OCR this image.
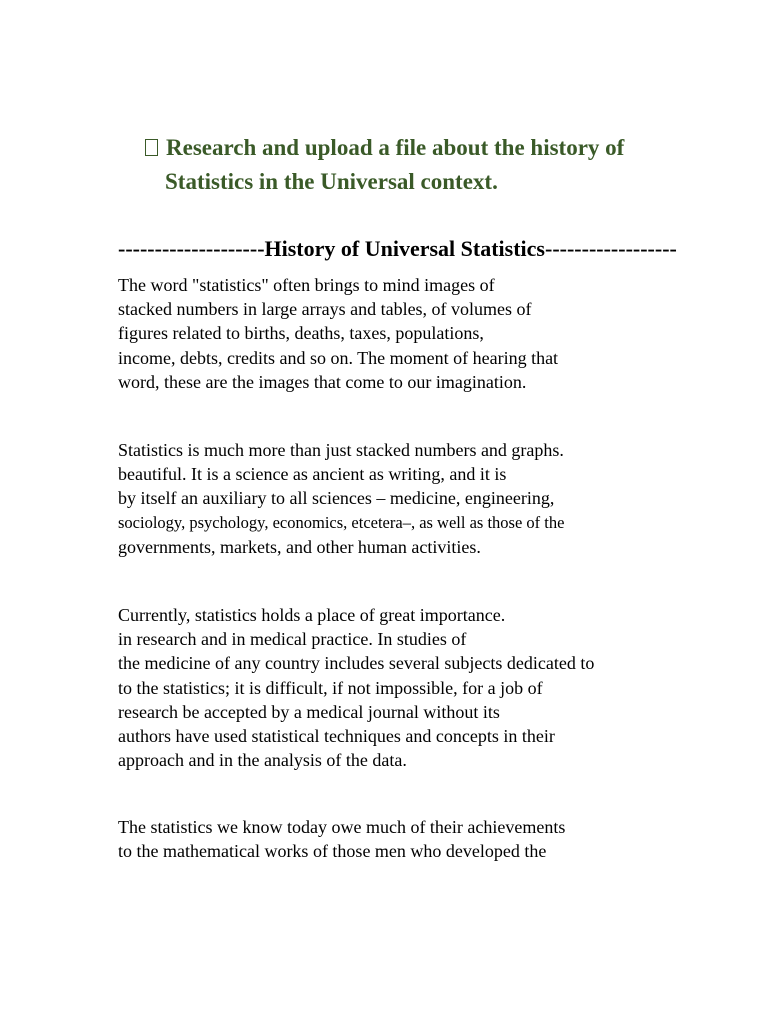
Research and upload a file about the history of
Statistics in the Universal context.
--------------------History of Universal Statistics------------------
The word "statistics" often brings to mind images of
stacked numbers in large arrays and tables, of volumes of
figures related to births, deaths, taxes, populations,
income, debts, credits and so on. The moment of hearing that
word, these are the images that come to our imagination.
Statistics is much more than just stacked numbers and graphs.
beautiful. It is a science as ancient as writing, and it is
by itself an auxiliary to all sciences – medicine, engineering,
sociology, psychology, economics, etcetera–, as well as those of the
governments, markets, and other human activities.
Currently, statistics holds a place of great importance.
in research and in medical practice. In studies of
the medicine of any country includes several subjects dedicated to
to the statistics; it is difficult, if not impossible, for a job of
research be accepted by a medical journal without its
authors have used statistical techniques and concepts in their
approach and in the analysis of the data.
The statistics we know today owe much of their achievements
to the mathematical works of those men who developed the
